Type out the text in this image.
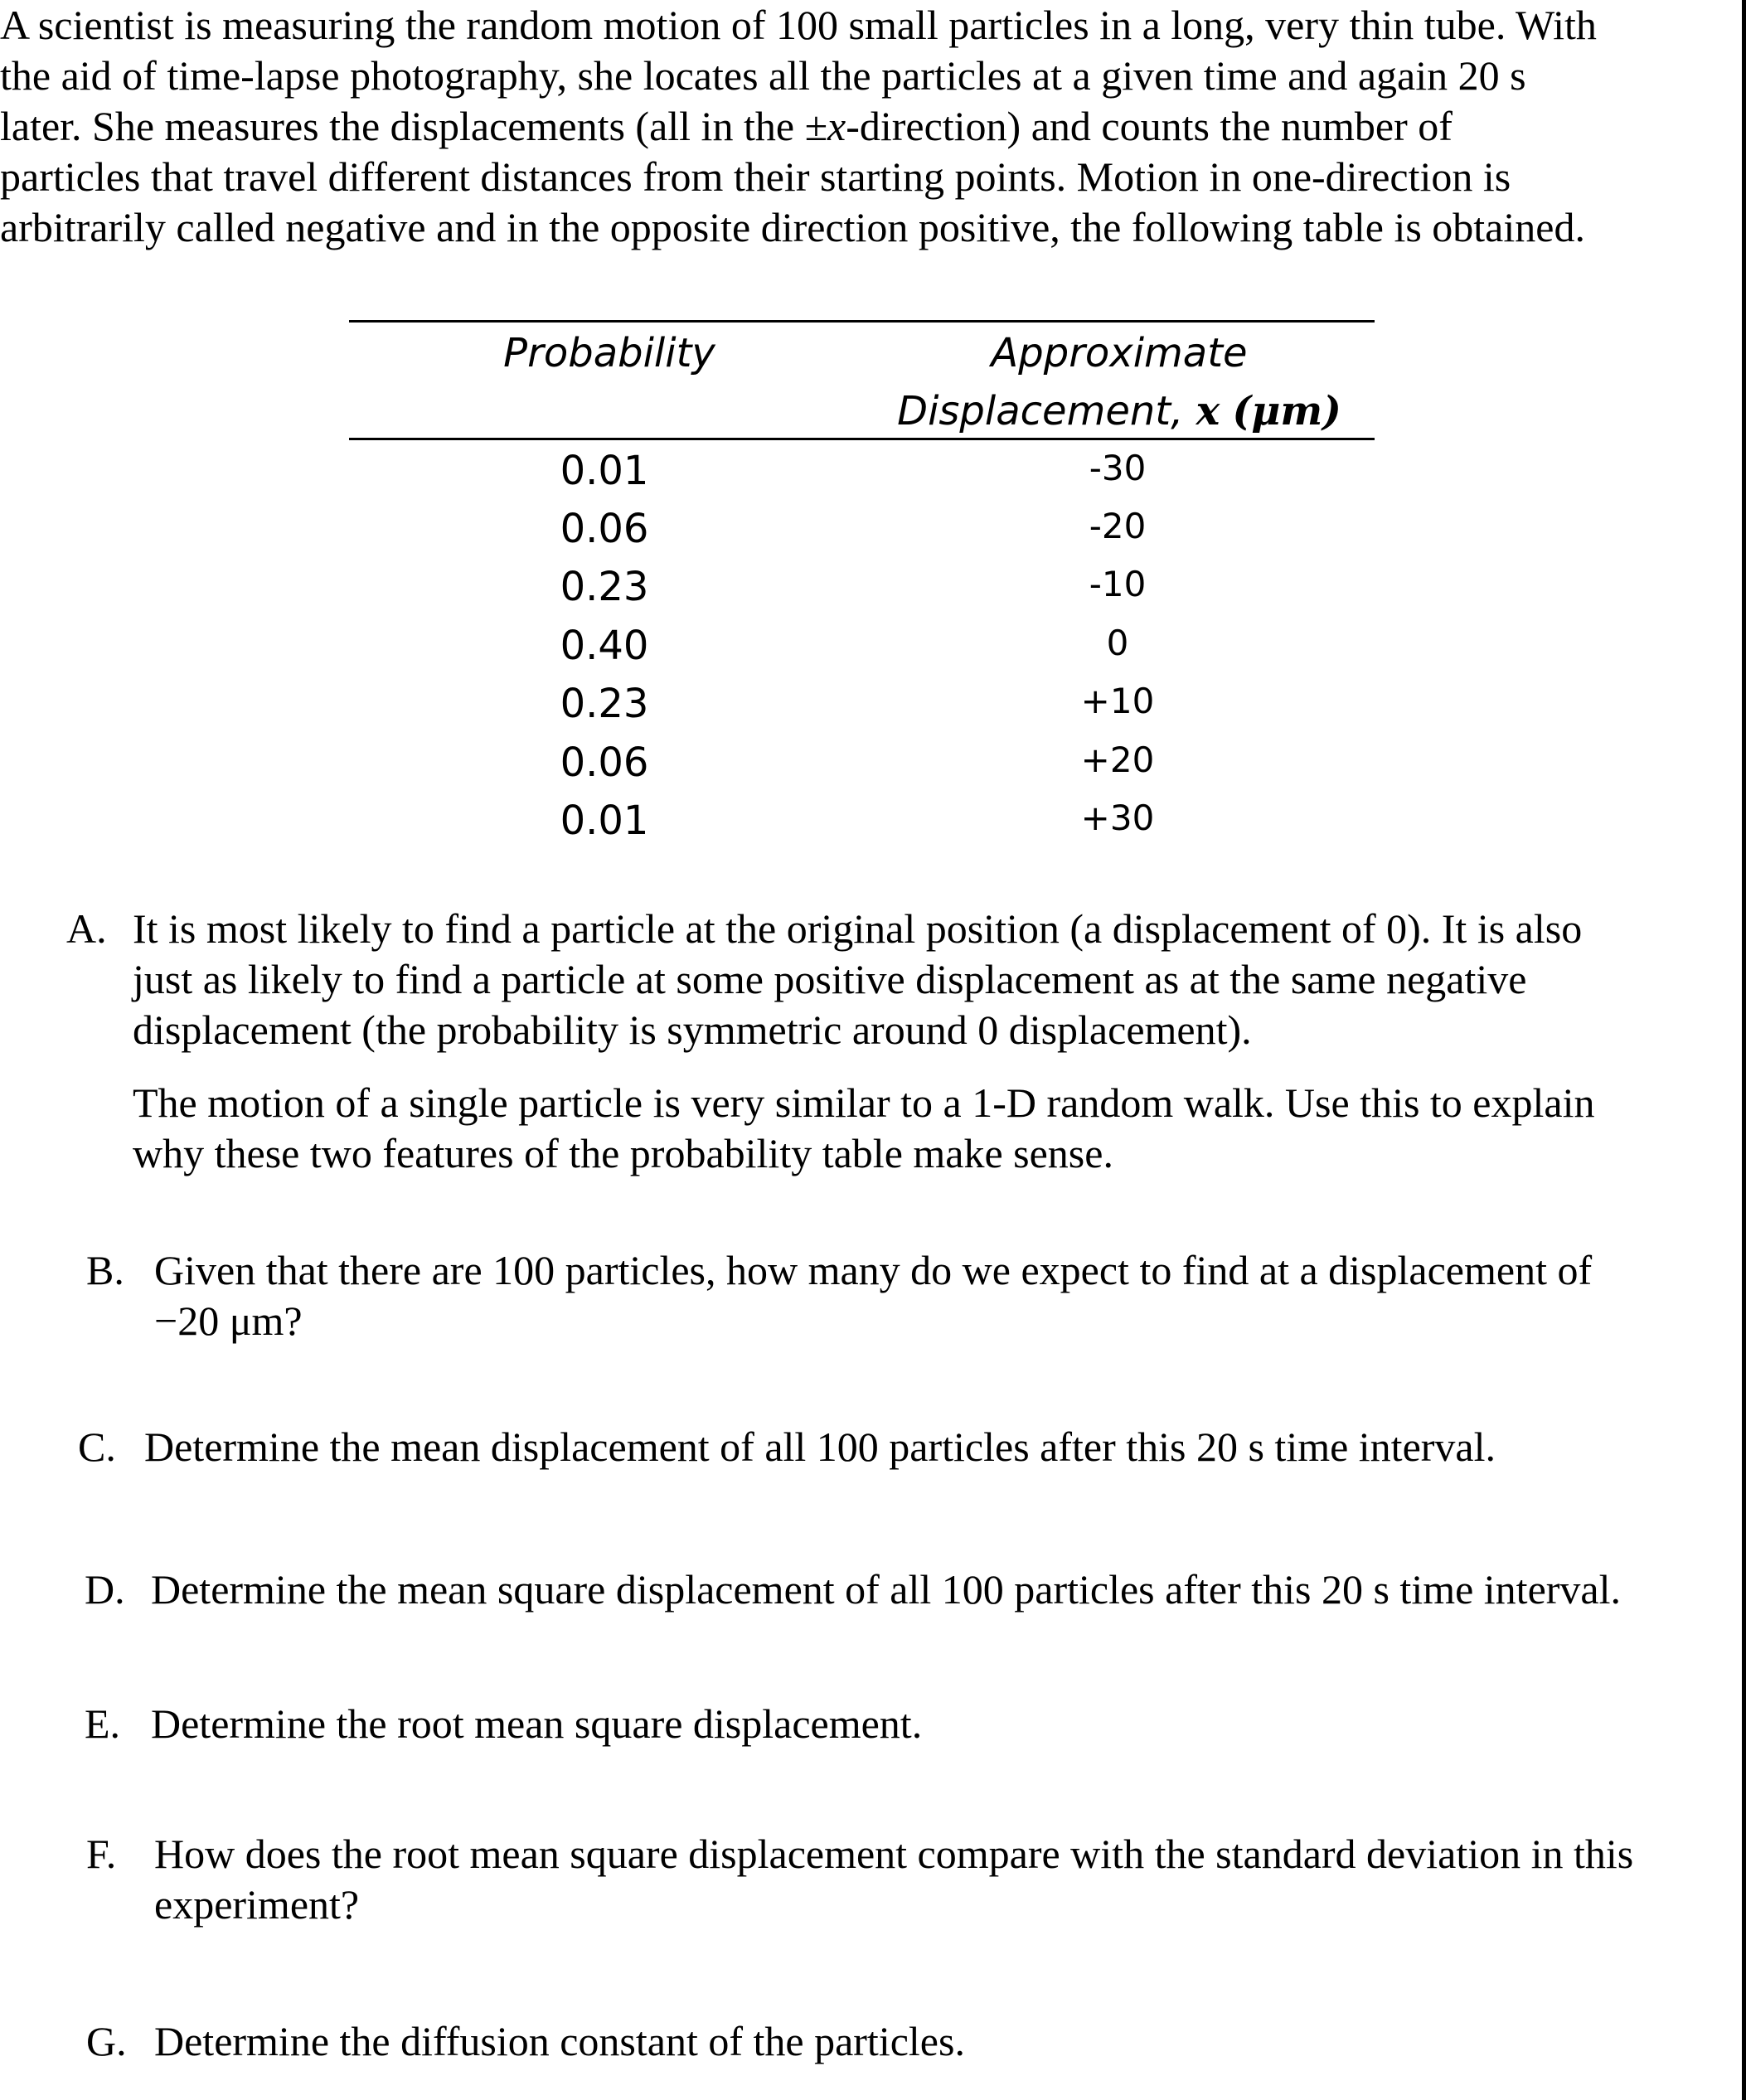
A scientist is measuring the random motion of 100 small particles in a long, very thin tube. With
the aid of time-lapse photography, she locates all the particles at a given time and again 20 s
later. She measures the displacements (all in the ±x-direction) and counts the number of
particles that travel different distances from their starting points. Motion in one-direction is
arbitrarily called negative and in the opposite direction positive, the following table is obtained.
Probability	Approximate
Displacement, x (μm)
0.01	-30
0.06	-20
0.23	-10
0.40	0
0.23	+10
0.06	+20
0.01	+30
A. It is most likely to find a particle at the original position (a displacement of 0). It is also
just as likely to find a particle at some positive displacement as at the same negative
displacement (the probability is symmetric around 0 displacement).
The motion of a single particle is very similar to a 1-D random walk. Use this to explain
why these two features of the probability table make sense.
B. Given that there are 100 particles, how many do we expect to find at a displacement of
−20 μm?
C. Determine the mean displacement of all 100 particles after this 20 s time interval.
D. Determine the mean square displacement of all 100 particles after this 20 s time interval.
E. Determine the root mean square displacement.
F. How does the root mean square displacement compare with the standard deviation in this
experiment?
G. Determine the diffusion constant of the particles.
